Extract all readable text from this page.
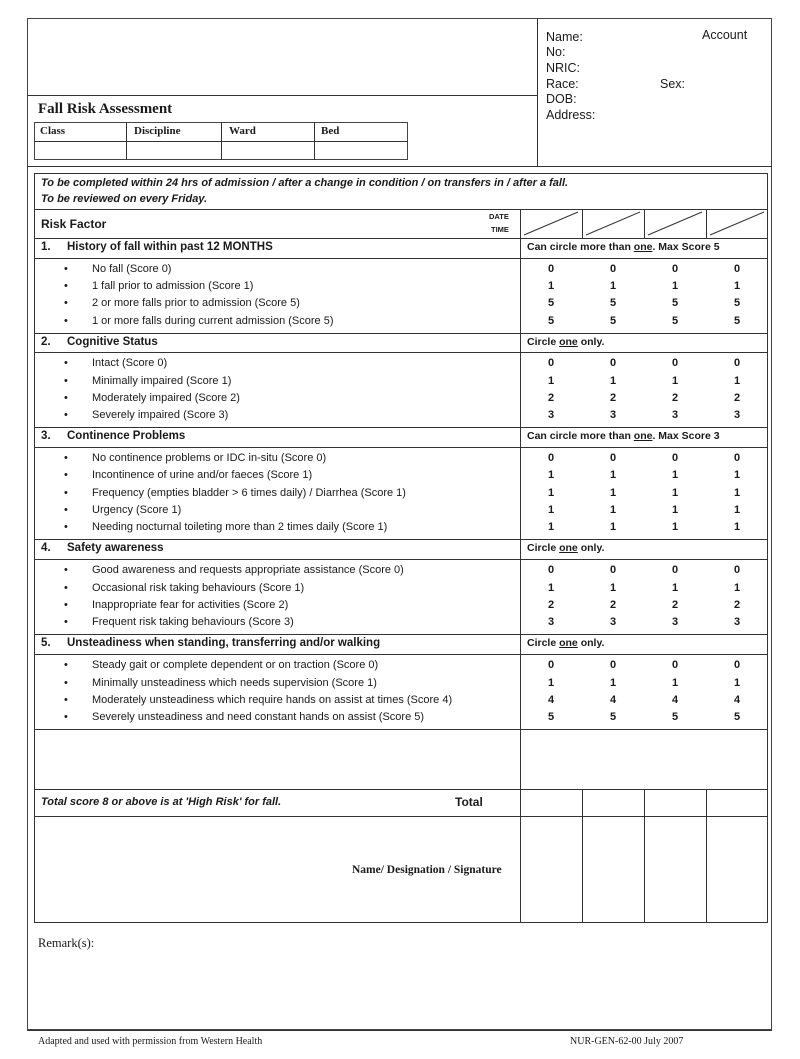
Fall Risk Assessment
Class	Discipline	Ward	Bed
Name:	Account
No:
NRIC:
Race:	Sex:
DOB:
Address:
To be completed within 24 hrs of admission / after a change in condition / on transfers in / after a fall.
To be reviewed on every Friday.
Risk Factor
DATE
TIME
1. History of fall within past 12 MONTHS	Can circle more than one. Max Score 5
• No fall (Score 0)	0	0	0	0
• 1 fall prior to admission (Score 1)	1	1	1	1
• 2 or more falls prior to admission (Score 5)	5	5	5	5
• 1 or more falls during current admission (Score 5)	5	5	5	5
2. Cognitive Status	Circle one only.
• Intact (Score 0)	0	0	0	0
• Minimally impaired (Score 1)	1	1	1	1
• Moderately impaired (Score 2)	2	2	2	2
• Severely impaired (Score 3)	3	3	3	3
3. Continence Problems	Can circle more than one. Max Score 3
• No continence problems or IDC in-situ (Score 0)	0	0	0	0
• Incontinence of urine and/or faeces (Score 1)	1	1	1	1
• Frequency (empties bladder > 6 times daily) / Diarrhea (Score 1)	1	1	1	1
• Urgency (Score 1)	1	1	1	1
• Needing nocturnal toileting more than 2 times daily (Score 1)	1	1	1	1
4. Safety awareness	Circle one only.
• Good awareness and requests appropriate assistance (Score 0)	0	0	0	0
• Occasional risk taking behaviours (Score 1)	1	1	1	1
• Inappropriate fear for activities (Score 2)	2	2	2	2
• Frequent risk taking behaviours (Score 3)	3	3	3	3
5. Unsteadiness when standing, transferring and/or walking	Circle one only.
• Steady gait or complete dependent or on traction (Score 0)	0	0	0	0
• Minimally unsteadiness which needs supervision (Score 1)	1	1	1	1
• Moderately unsteadiness which require hands on assist at times (Score 4)	4	4	4	4
• Severely unsteadiness and need constant hands on assist (Score 5)	5	5	5	5
Total score 8 or above is at 'High Risk' for fall.	Total
Name/ Designation / Signature
Remark(s):
Adapted and used with permission from Western Health	NUR-GEN-62-00 July 2007
